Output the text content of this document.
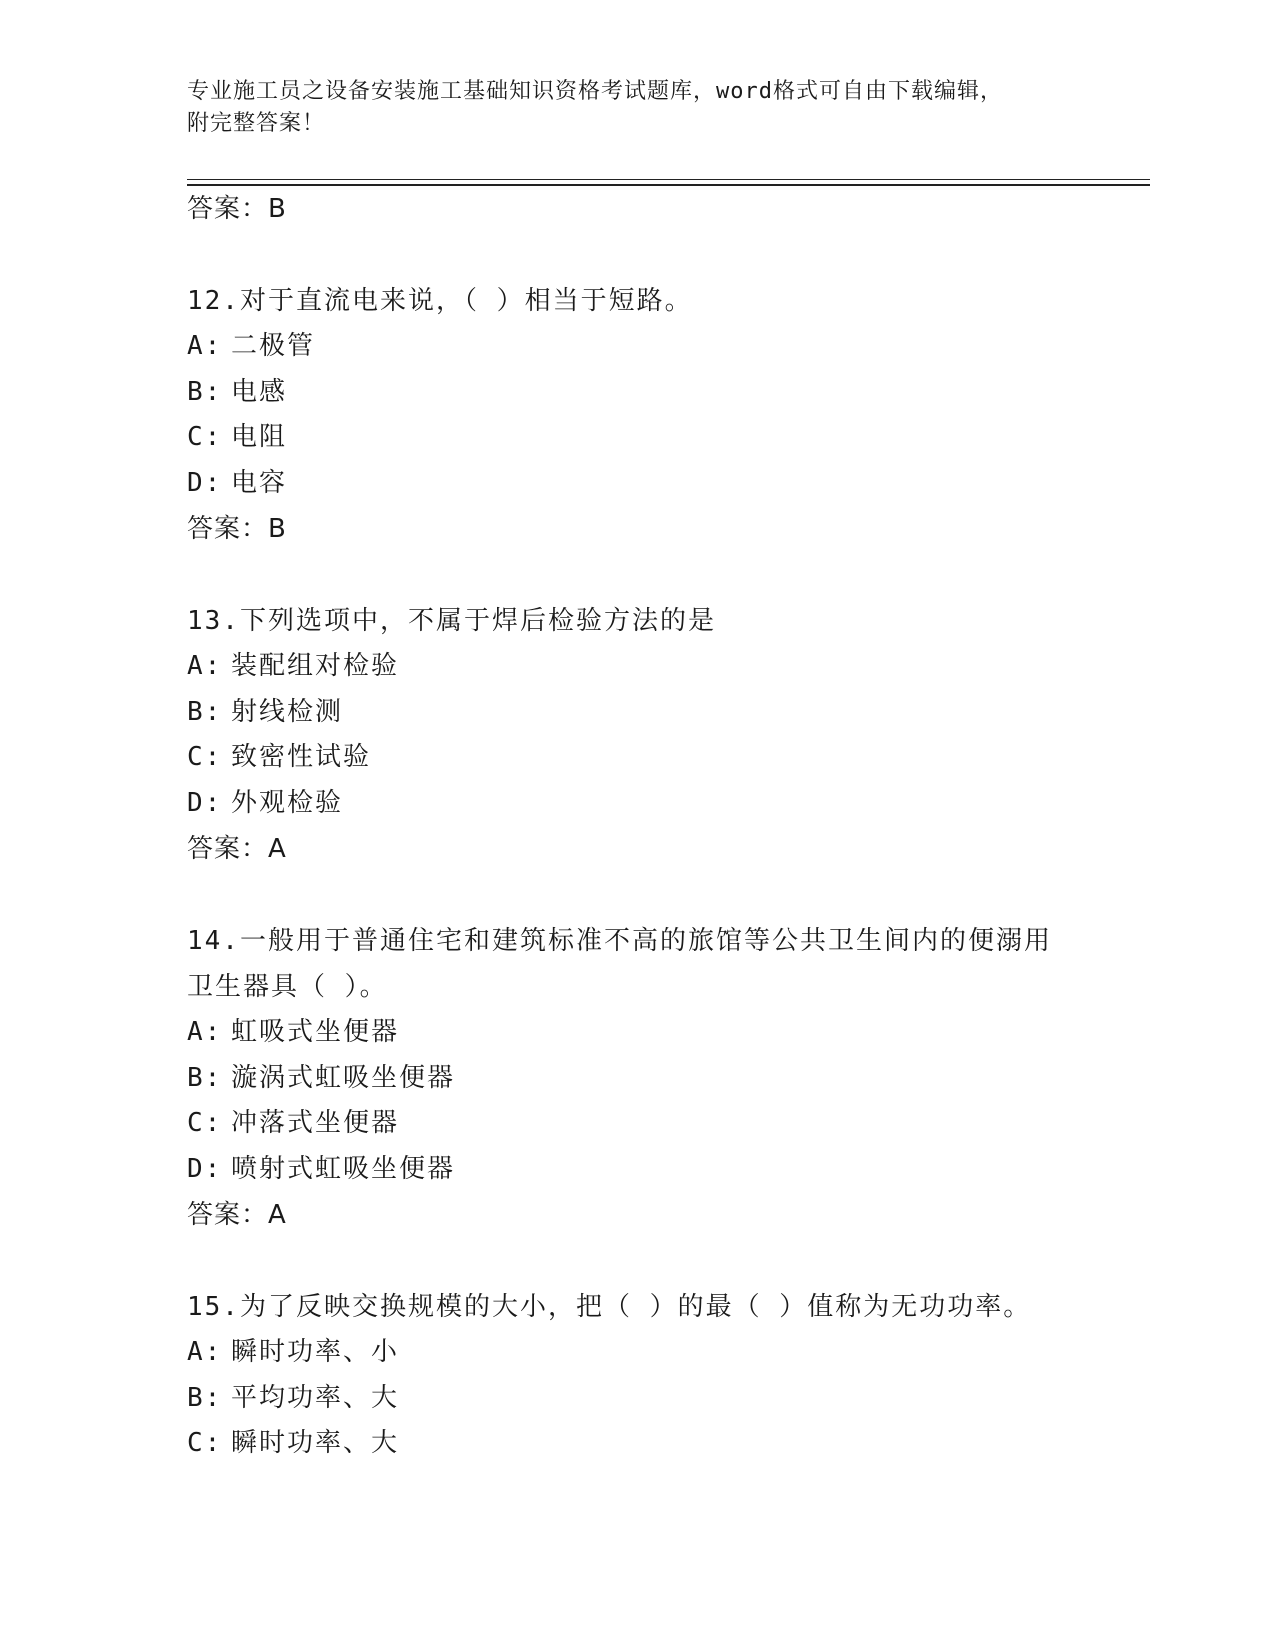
专业施工员之设备安装施工基础知识资格考试题库，word格式可自由下载编辑，
附完整答案！
答案：B
12.对于直流电来说，（ ）相当于短路。
A: 二极管
B: 电感
C: 电阻
D: 电容
答案：B
13.下列选项中，不属于焊后检验方法的是
A: 装配组对检验
B: 射线检测
C: 致密性试验
D: 外观检验
答案：A
14.一般用于普通住宅和建筑标准不高的旅馆等公共卫生间内的便溺用
卫生器具（ ）。
A: 虹吸式坐便器
B: 漩涡式虹吸坐便器
C: 冲落式坐便器
D: 喷射式虹吸坐便器
答案：A
15.为了反映交换规模的大小，把（ ）的最（ ）值称为无功功率。
A: 瞬时功率、小
B: 平均功率、大
C: 瞬时功率、大
